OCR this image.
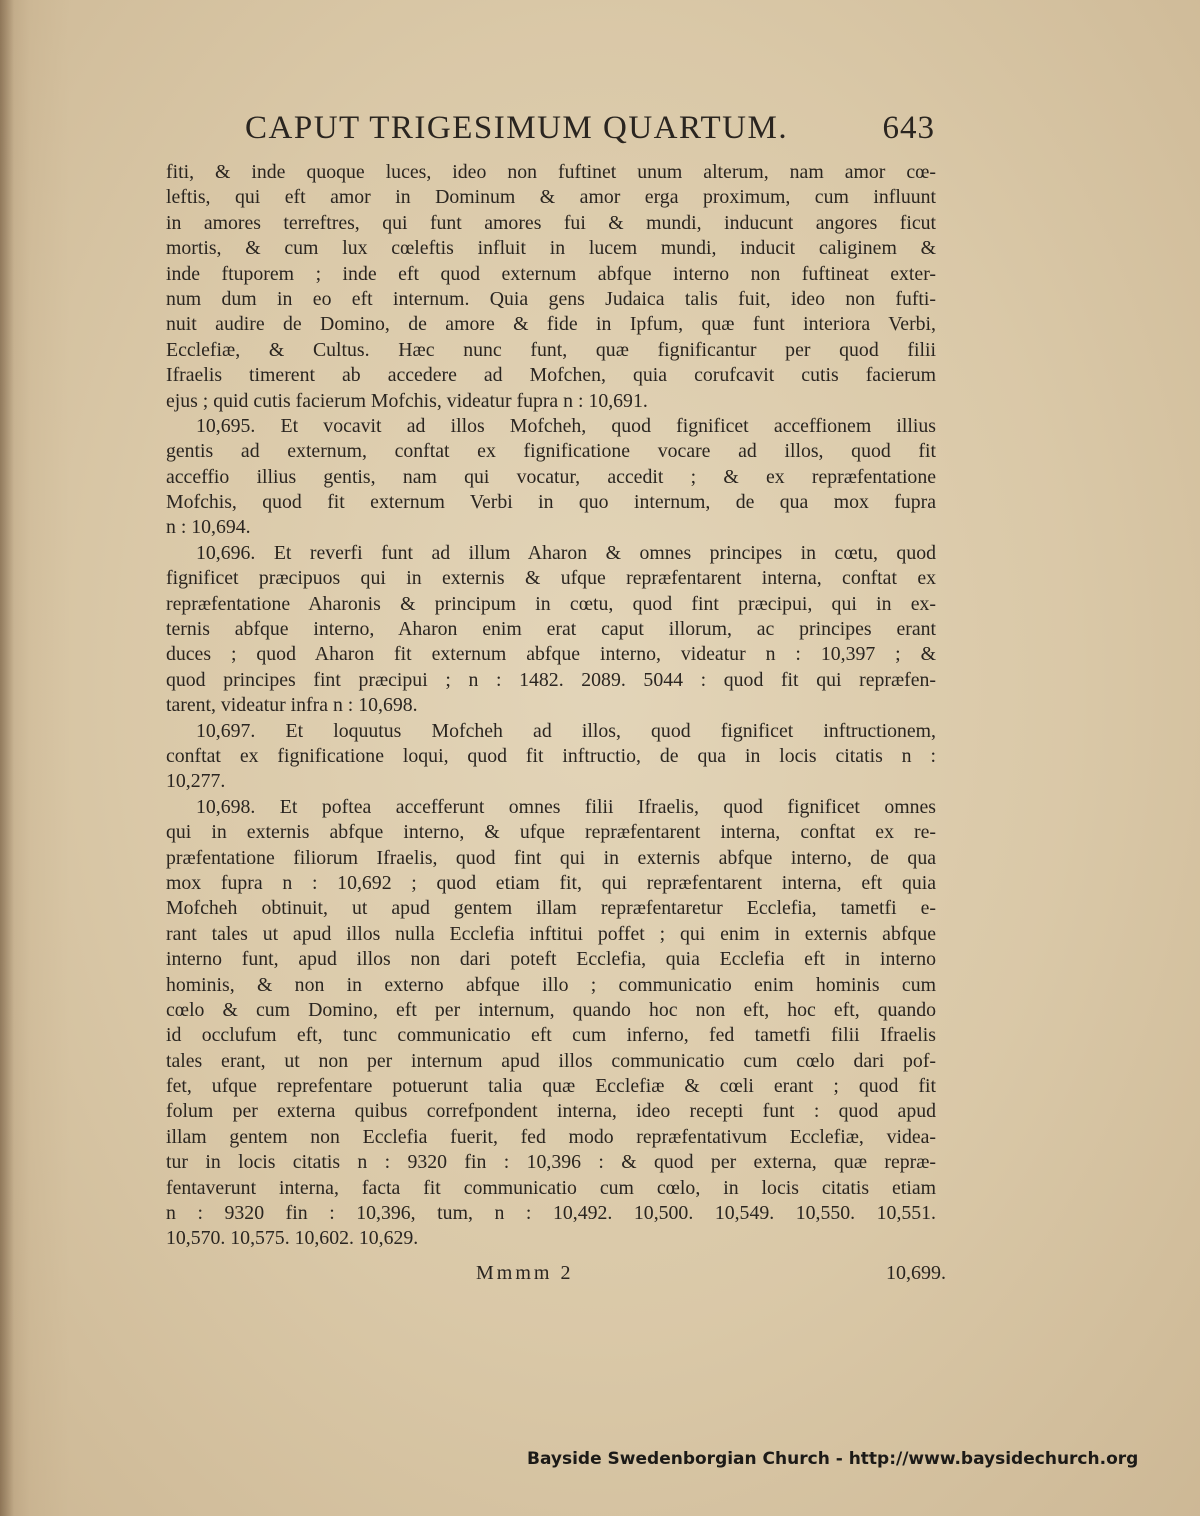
CAPUT TRIGESIMUM QUARTUM.	643
fiti, & inde quoque luces, ideo non fuftinet unum alterum, nam amor cœ-
leftis, qui eft amor in Dominum & amor erga proximum, cum influunt
in amores terreftres, qui funt amores fui & mundi, inducunt angores ficut
mortis, & cum lux cœleftis influit in lucem mundi, inducit caliginem &
inde ftuporem ; inde eft quod externum abfque interno non fuftineat exter-
num dum in eo eft internum. Quia gens Judaica talis fuit, ideo non fufti-
nuit audire de Domino, de amore & fide in Ipfum, quæ funt interiora Verbi,
Ecclefiæ, & Cultus. Hæc nunc funt, quæ fignificantur per quod filii
Ifraelis timerent ab accedere ad Mofchen, quia corufcavit cutis facierum
ejus ; quid cutis facierum Mofchis, videatur fupra n : 10,691.
10,695. Et vocavit ad illos Mofcheh, quod fignificet acceffionem illius
gentis ad externum, conftat ex fignificatione vocare ad illos, quod fit
acceffio illius gentis, nam qui vocatur, accedit ; & ex repræfentatione
Mofchis, quod fit externum Verbi in quo internum, de qua mox fupra
n : 10,694.
10,696. Et reverfi funt ad illum Aharon & omnes principes in cœtu, quod
fignificet præcipuos qui in externis & ufque repræfentarent interna, conftat ex
repræfentatione Aharonis & principum in cœtu, quod fint præcipui, qui in ex-
ternis abfque interno, Aharon enim erat caput illorum, ac principes erant
duces ; quod Aharon fit externum abfque interno, videatur n : 10,397 ; &
quod principes fint præcipui ; n : 1482. 2089. 5044 : quod fit qui repræfen-
tarent, videatur infra n : 10,698.
10,697. Et loquutus Mofcheh ad illos, quod fignificet inftructionem,
conftat ex fignificatione loqui, quod fit inftructio, de qua in locis citatis n :
10,277.
10,698. Et poftea accefferunt omnes filii Ifraelis, quod fignificet omnes
qui in externis abfque interno, & ufque repræfentarent interna, conftat ex re-
præfentatione filiorum Ifraelis, quod fint qui in externis abfque interno, de qua
mox fupra n : 10,692 ; quod etiam fit, qui repræfentarent interna, eft quia
Mofcheh obtinuit, ut apud gentem illam repræfentaretur Ecclefia, tametfi e-
rant tales ut apud illos nulla Ecclefia inftitui poffet ; qui enim in externis abfque
interno funt, apud illos non dari poteft Ecclefia, quia Ecclefia eft in interno
hominis, & non in externo abfque illo ; communicatio enim hominis cum
cœlo & cum Domino, eft per internum, quando hoc non eft, hoc eft, quando
id occlufum eft, tunc communicatio eft cum inferno, fed tametfi filii Ifraelis
tales erant, ut non per internum apud illos communicatio cum cœlo dari pof-
fet, ufque reprefentare potuerunt talia quæ Ecclefiæ & cœli erant ; quod fit
folum per externa quibus correfpondent interna, ideo recepti funt : quod apud
illam gentem non Ecclefia fuerit, fed modo repræfentativum Ecclefiæ, videa-
tur in locis citatis n : 9320 fin : 10,396 : & quod per externa, quæ repræ-
fentaverunt interna, facta fit communicatio cum cœlo, in locis citatis etiam
n : 9320 fin : 10,396, tum, n : 10,492. 10,500. 10,549. 10,550. 10,551.
10,570. 10,575. 10,602. 10,629.
Mmmm 2	10,699.
Bayside Swedenborgian Church - http://www.baysidechurch.org
